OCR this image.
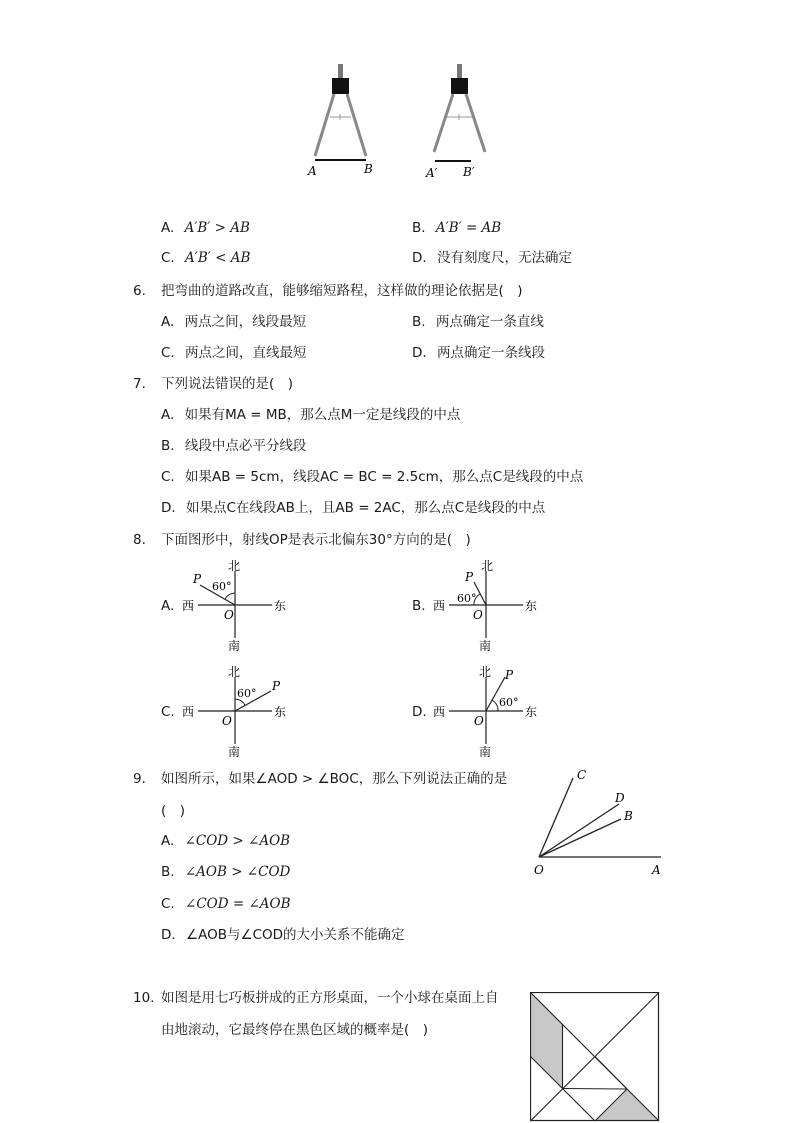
A	B	A′ B′
A. A′B′ > AB	B. A′B′ = AB
C. A′B′ < AB	D. 没有刻度尺，无法确定
6. 把弯曲的道路改直，能够缩短路程，这样做的理论依据是(　)
A. 两点之间，线段最短	B. 两点确定一条直线
C. 两点之间，直线最短	D. 两点确定一条线段
7. 下列说法错误的是(　)
A. 如果有MA = MB，那么点M一定是线段的中点
B. 线段中点必平分线段
C. 如果AB = 5cm，线段AC = BC = 2.5cm，那么点C是线段的中点
D. 如果点C在线段AB上，且AB = 2AC，那么点C是线段的中点
8. 下面图形中，射线OP是表示北偏东30°方向的是(　)
A.
北
南
西	东
O
P
60°
B.
北
南
西	东
O
P
60°
C.
北
南
西	东
O
P
60°
D.
北
南
西	东
O
P
60°
9. 如图所示，如果∠AOD > ∠BOC，那么下列说法正确的是
(　)
A. ∠COD > ∠AOB
B. ∠AOB > ∠COD
C. ∠COD = ∠AOB
D. ∠AOB与∠COD的大小关系不能确定
O	A
C
D
B
10. 如图是用七巧板拼成的正方形桌面，一个小球在桌面上自
由地滚动，它最终停在黑色区域的概率是(　)
